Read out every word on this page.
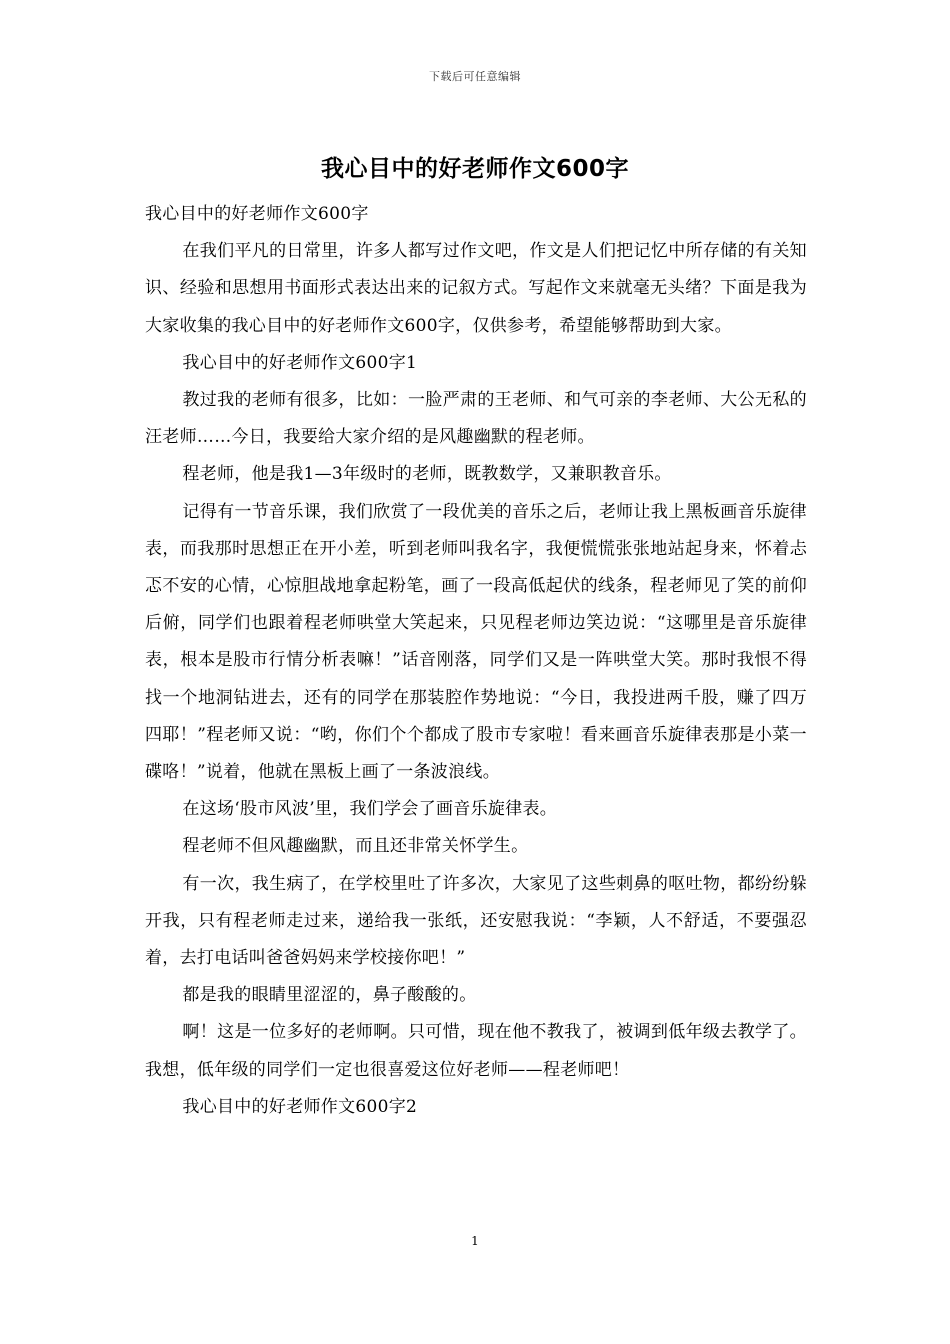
下载后可任意编辑
我心目中的好老师作文600字

我心目中的好老师作文600字

在我们平凡的日常里，许多人都写过作文吧，作文是人们把记忆中所存储的有关知识、经验和思想用书面形式表达出来的记叙方式。写起作文来就毫无头绪？下面是我为大家收集的我心目中的好老师作文600字，仅供参考，希望能够帮助到大家。

我心目中的好老师作文600字1

教过我的老师有很多，比如：一脸严肃的王老师、和气可亲的李老师、大公无私的汪老师……今日，我要给大家介绍的是风趣幽默的程老师。

程老师，他是我1—3年级时的老师，既教数学，又兼职教音乐。

记得有一节音乐课，我们欣赏了一段优美的音乐之后，老师让我上黑板画音乐旋律表，而我那时思想正在开小差，听到老师叫我名字，我便慌慌张张地站起身来，怀着忐忑不安的心情，心惊胆战地拿起粉笔，画了一段高低起伏的线条，程老师见了笑的前仰后俯，同学们也跟着程老师哄堂大笑起来，只见程老师边笑边说：“这哪里是音乐旋律表，根本是股市行情分析表嘛！”话音刚落，同学们又是一阵哄堂大笑。那时我恨不得找一个地洞钻进去，还有的同学在那装腔作势地说：“今日，我投进两千股，赚了四万四耶！”程老师又说：“哟，你们个个都成了股市专家啦！看来画音乐旋律表那是小菜一碟咯！”说着，他就在黑板上画了一条波浪线。

在这场‘股市风波’里，我们学会了画音乐旋律表。

程老师不但风趣幽默，而且还非常关怀学生。

有一次，我生病了，在学校里吐了许多次，大家见了这些刺鼻的呕吐物，都纷纷躲开我，只有程老师走过来，递给我一张纸，还安慰我说：“李颖，人不舒适，不要强忍着，去打电话叫爸爸妈妈来学校接你吧！”

都是我的眼睛里涩涩的，鼻子酸酸的。

啊！这是一位多好的老师啊。只可惜，现在他不教我了，被调到低年级去教学了。我想，低年级的同学们一定也很喜爱这位好老师——程老师吧！

我心目中的好老师作文600字2

1
